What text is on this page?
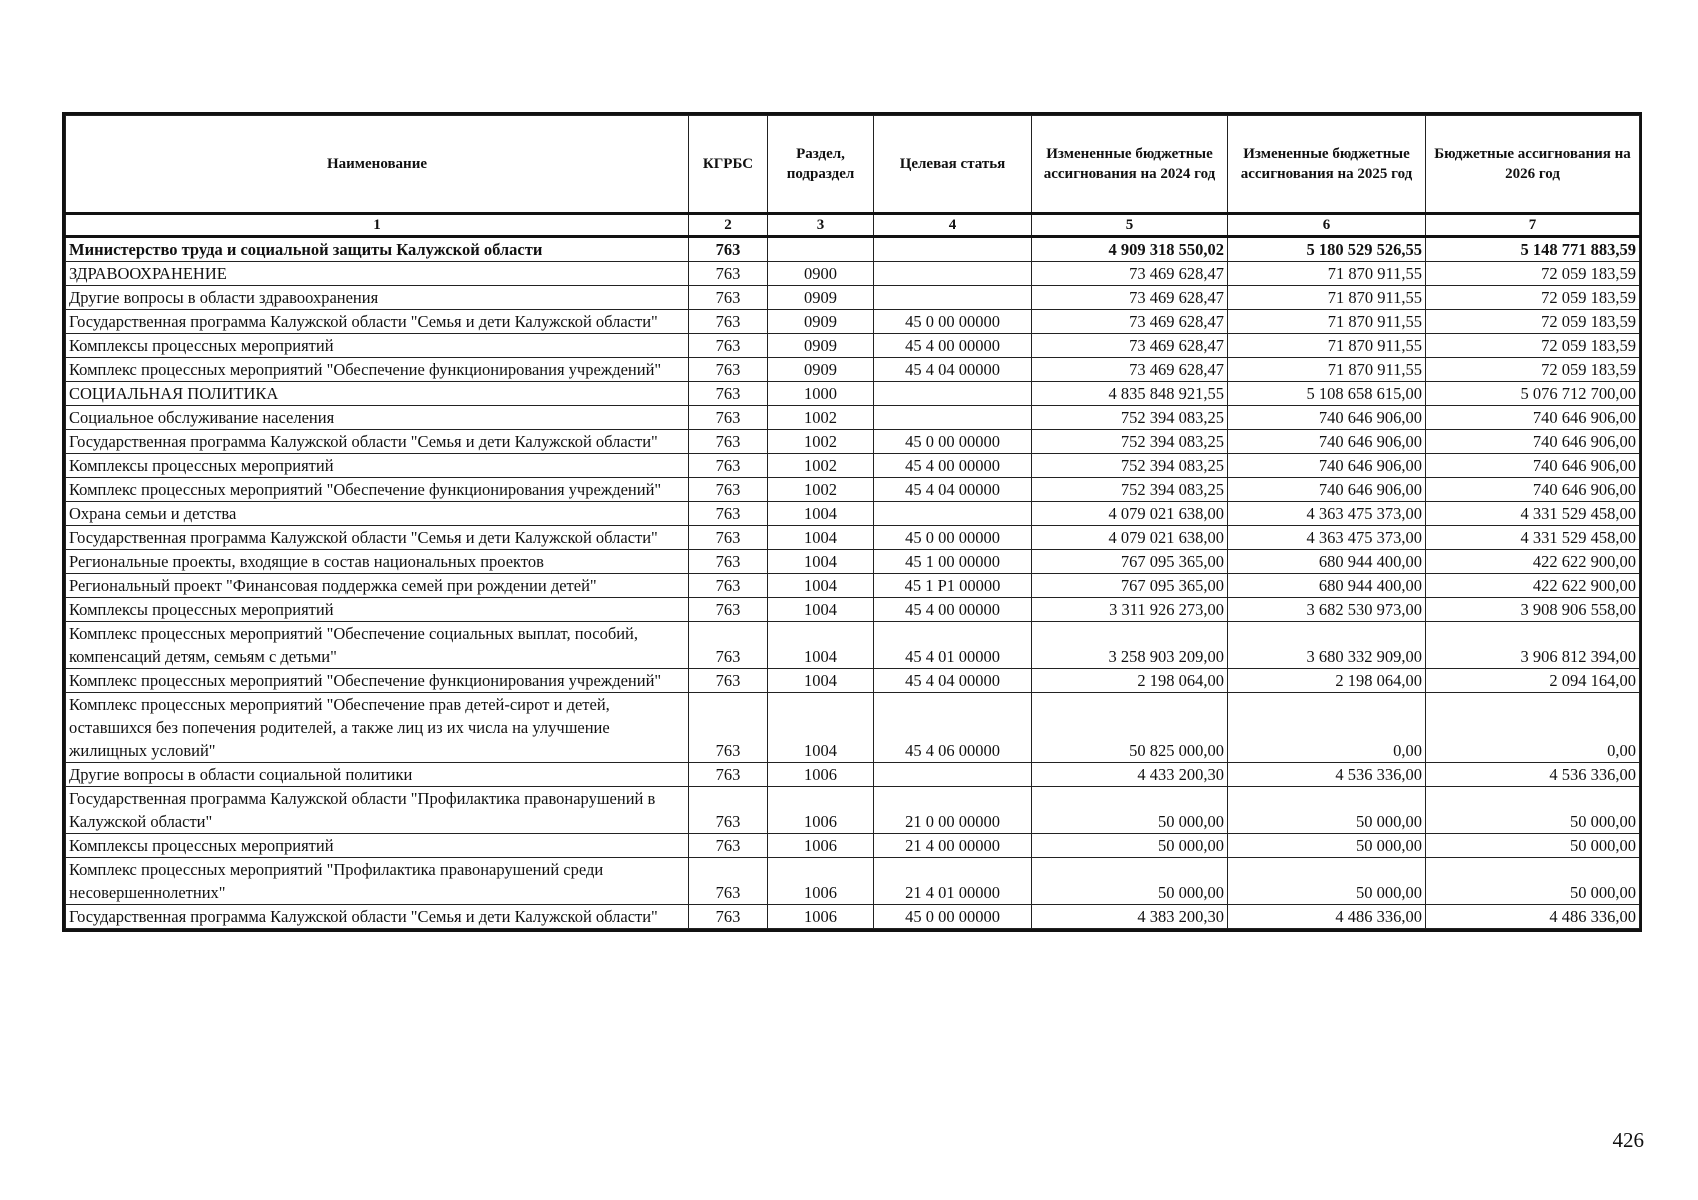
Наименование	КГРБС	Раздел, подраздел	Целевая статья	Измененные бюджетные ассигнования на 2024 год	Измененные бюджетные ассигнования на 2025 год	Бюджетные ассигнования на 2026 год
1	2	3	4	5	6	7
Министерство труда и социальной защиты Калужской области	763			4 909 318 550,02	5 180 529 526,55	5 148 771 883,59
ЗДРАВООХРАНЕНИЕ	763	0900		73 469 628,47	71 870 911,55	72 059 183,59
Другие вопросы в области здравоохранения	763	0909		73 469 628,47	71 870 911,55	72 059 183,59
Государственная программа Калужской области "Семья и дети Калужской области"	763	0909	45 0 00 00000	73 469 628,47	71 870 911,55	72 059 183,59
Комплексы процессных мероприятий	763	0909	45 4 00 00000	73 469 628,47	71 870 911,55	72 059 183,59
Комплекс процессных мероприятий "Обеспечение функционирования учреждений"	763	0909	45 4 04 00000	73 469 628,47	71 870 911,55	72 059 183,59
СОЦИАЛЬНАЯ ПОЛИТИКА	763	1000		4 835 848 921,55	5 108 658 615,00	5 076 712 700,00
Социальное обслуживание населения	763	1002		752 394 083,25	740 646 906,00	740 646 906,00
Государственная программа Калужской области "Семья и дети Калужской области"	763	1002	45 0 00 00000	752 394 083,25	740 646 906,00	740 646 906,00
Комплексы процессных мероприятий	763	1002	45 4 00 00000	752 394 083,25	740 646 906,00	740 646 906,00
Комплекс процессных мероприятий "Обеспечение функционирования учреждений"	763	1002	45 4 04 00000	752 394 083,25	740 646 906,00	740 646 906,00
Охрана семьи и детства	763	1004		4 079 021 638,00	4 363 475 373,00	4 331 529 458,00
Государственная программа Калужской области "Семья и дети Калужской области"	763	1004	45 0 00 00000	4 079 021 638,00	4 363 475 373,00	4 331 529 458,00
Региональные проекты, входящие в состав национальных проектов	763	1004	45 1 00 00000	767 095 365,00	680 944 400,00	422 622 900,00
Региональный проект "Финансовая поддержка семей при рождении детей"	763	1004	45 1 P1 00000	767 095 365,00	680 944 400,00	422 622 900,00
Комплексы процессных мероприятий	763	1004	45 4 00 00000	3 311 926 273,00	3 682 530 973,00	3 908 906 558,00
Комплекс процессных мероприятий "Обеспечение социальных выплат, пособий, компенсаций детям, семьям с детьми"	763	1004	45 4 01 00000	3 258 903 209,00	3 680 332 909,00	3 906 812 394,00
Комплекс процессных мероприятий "Обеспечение функционирования учреждений"	763	1004	45 4 04 00000	2 198 064,00	2 198 064,00	2 094 164,00
Комплекс процессных мероприятий "Обеспечение прав детей-сирот и детей, оставшихся без попечения родителей, а также лиц из их числа на улучшение жилищных условий"	763	1004	45 4 06 00000	50 825 000,00	0,00	0,00
Другие вопросы в области социальной политики	763	1006		4 433 200,30	4 536 336,00	4 536 336,00
Государственная программа Калужской области "Профилактика правонарушений в Калужской области"	763	1006	21 0 00 00000	50 000,00	50 000,00	50 000,00
Комплексы процессных мероприятий	763	1006	21 4 00 00000	50 000,00	50 000,00	50 000,00
Комплекс процессных мероприятий "Профилактика правонарушений среди несовершеннолетних"	763	1006	21 4 01 00000	50 000,00	50 000,00	50 000,00
Государственная программа Калужской области "Семья и дети Калужской области"	763	1006	45 0 00 00000	4 383 200,30	4 486 336,00	4 486 336,00
426
